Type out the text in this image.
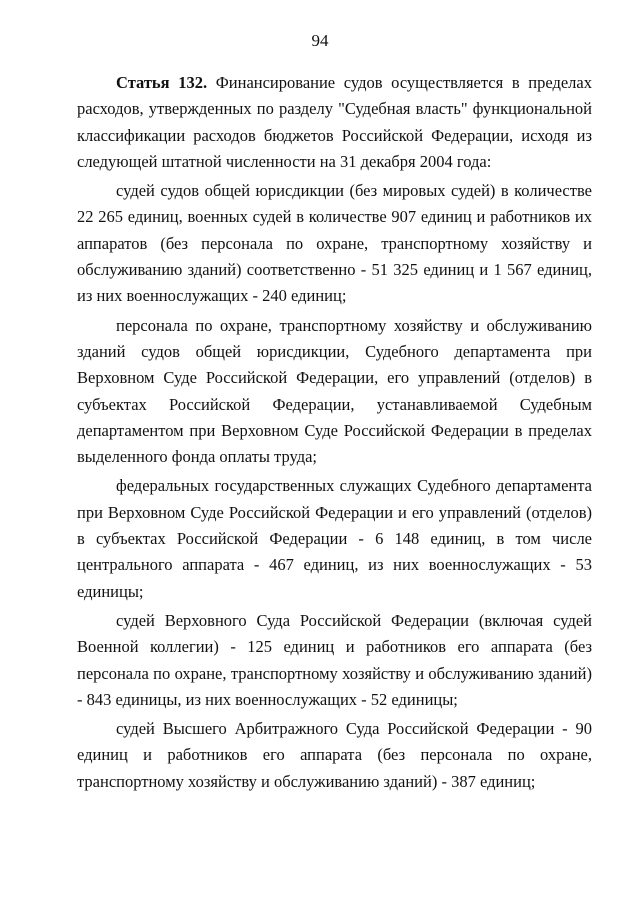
94

Статья 132. Финансирование судов осуществляется в пределах расходов, утвержденных по разделу "Судебная власть" функциональной классификации расходов бюджетов Российской Федерации, исходя из следующей штатной численности на 31 декабря 2004 года:

судей судов общей юрисдикции (без мировых судей) в количестве 22 265 единиц, военных судей в количестве 907 единиц и работников их аппаратов (без персонала по охране, транспортному хозяйству и обслуживанию зданий) соответственно - 51 325 единиц и 1 567 единиц, из них военнослужащих - 240 единиц;

персонала по охране, транспортному хозяйству и обслуживанию зданий судов общей юрисдикции, Судебного департамента при Верховном Суде Российской Федерации, его управлений (отделов) в субъектах Российской Федерации, устанавливаемой Судебным департаментом при Верховном Суде Российской Федерации в пределах выделенного фонда оплаты труда;

федеральных государственных служащих Судебного департамента при Верховном Суде Российской Федерации и его управлений (отделов) в субъектах Российской Федерации - 6 148 единиц, в том числе центрального аппарата - 467 единиц, из них военнослужащих - 53 единицы;

судей Верховного Суда Российской Федерации (включая судей Военной коллегии) - 125 единиц и работников его аппарата (без персонала по охране, транспортному хозяйству и обслуживанию зданий) - 843 единицы, из них военнослужащих - 52 единицы;

судей Высшего Арбитражного Суда Российской Федерации - 90 единиц и работников его аппарата (без персонала по охране, транспортному хозяйству и обслуживанию зданий) - 387 единиц;
